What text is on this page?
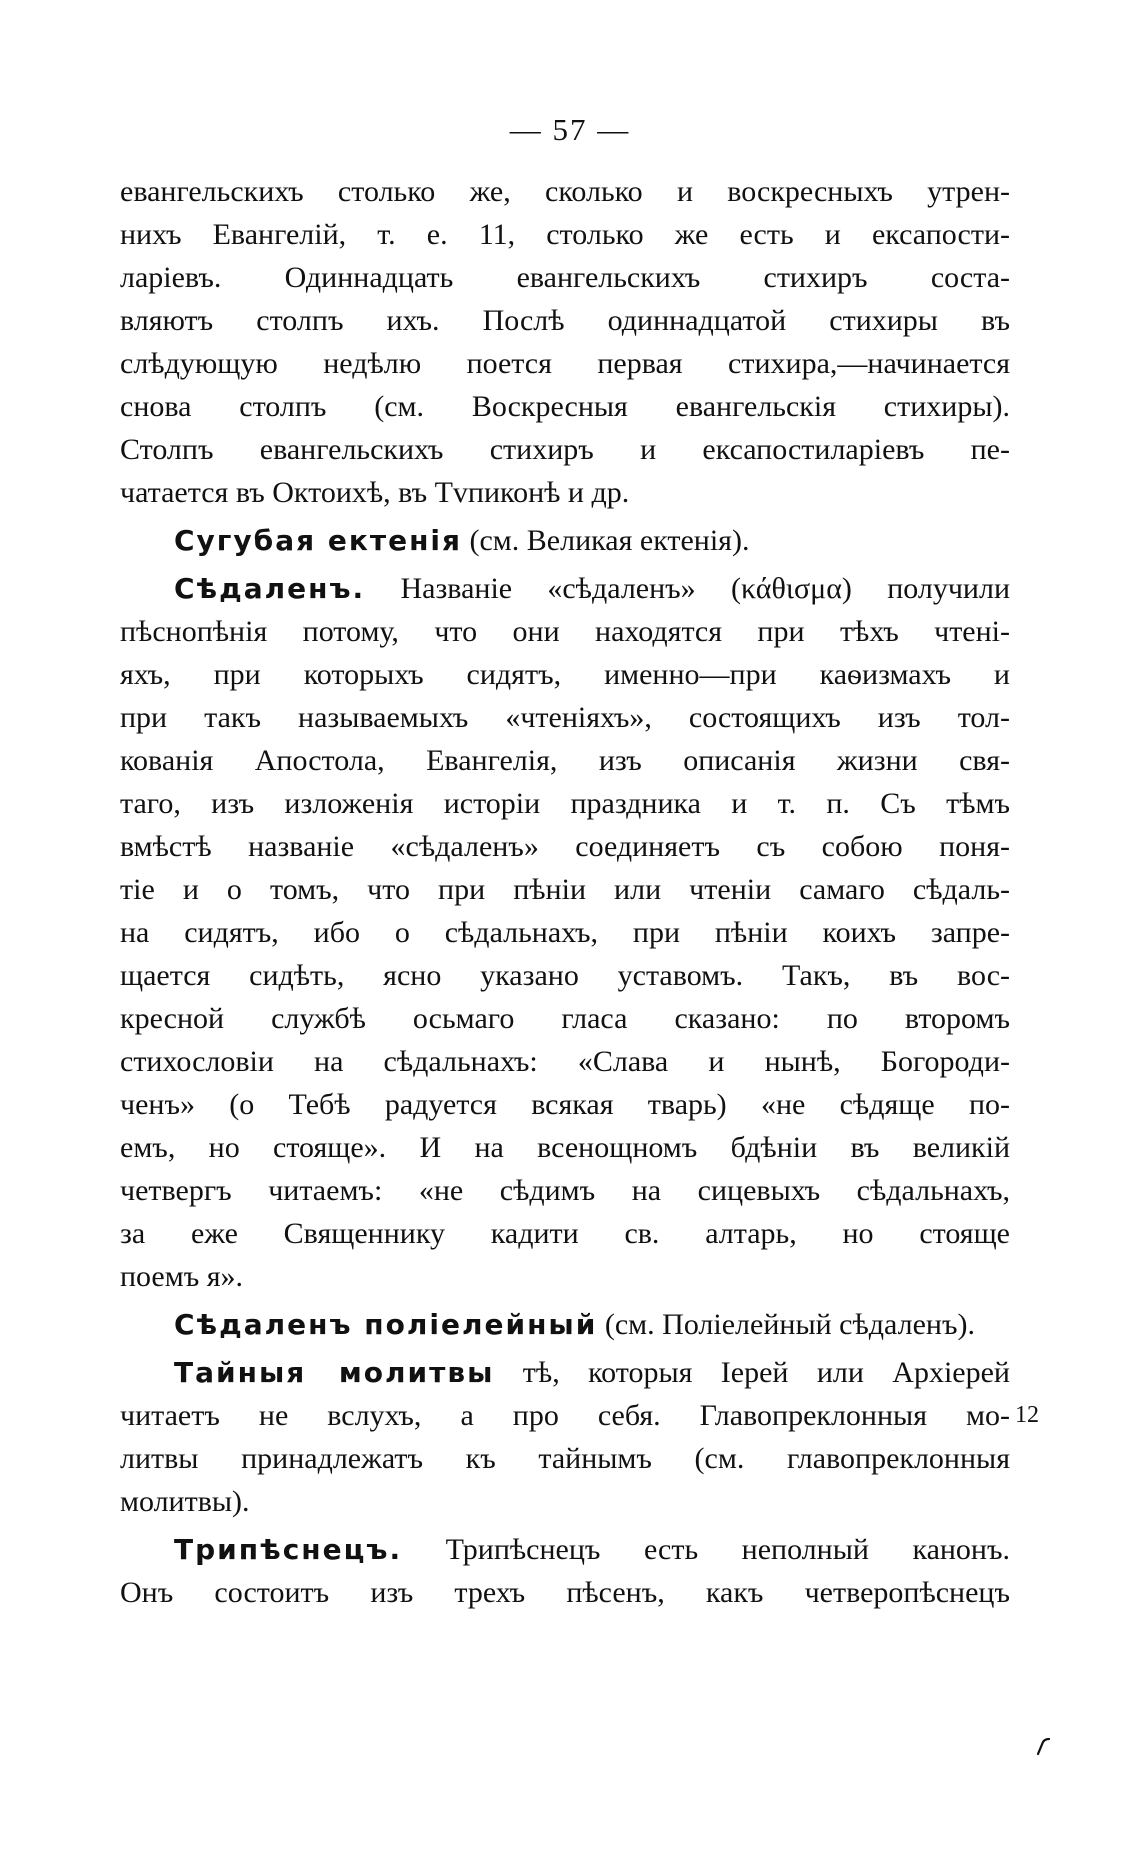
— 57 —
евангельскихъ столько же, сколько и воскресныхъ утрен-
нихъ Евангелій, т. е. 11, столько же есть и ексапости-
ларіевъ. Одиннадцать евангельскихъ стихиръ соста-
вляютъ столпъ ихъ. Послѣ одиннадцатой стихиры въ
слѣдующую недѣлю поется первая стихира,—начинается
снова столпъ (см. Воскресныя евангельскія стихиры).
Столпъ евангельскихъ стихиръ и ексапостиларіевъ пе-
чатается въ Октоихѣ, въ Тvпиконѣ и др.
Сугубая ектенія (см. Великая ектенія).
Сѣдаленъ. Названіе «сѣдаленъ» (κάθισμα) получили
пѣснопѣнія потому, что они находятся при тѣхъ чтені-
яхъ, при которыхъ сидятъ, именно—при каѳизмахъ и
при такъ называемыхъ «чтеніяхъ», состоящихъ изъ тол-
кованія Апостола, Евангелія, изъ описанія жизни свя-
таго, изъ изложенія исторіи праздника и т. п. Съ тѣмъ
вмѣстѣ названіе «сѣдаленъ» соединяетъ съ собою поня-
тіе и о томъ, что при пѣніи или чтеніи самаго сѣдаль-
на сидятъ, ибо о сѣдальнахъ, при пѣніи коихъ запре-
щается сидѣть, ясно указано уставомъ. Такъ, въ вос-
кресной службѣ осьмаго гласа сказано: по второмъ
стихословіи на сѣдальнахъ: «Слава и нынѣ, Богороди-
ченъ» (о Тебѣ радуется всякая тварь) «не сѣдяще по-
емъ, но стояще». И на всенощномъ бдѣніи въ великій
четвергъ читаемъ: «не сѣдимъ на сицевыхъ сѣдальнахъ,
за еже Священнику кадити св. алтарь, но стояще
поемъ я».
Сѣдаленъ поліелейный (см. Поліелейный сѣдаленъ).
Тайныя молитвы тѣ, которыя Іерей или Архіерей
читаетъ не вслухъ, а про себя. Главопреклонныя мо-
литвы принадлежатъ къ тайнымъ (см. главопреклонныя
молитвы).
Трипѣснецъ. Трипѣснецъ есть неполный канонъ.
Онъ состоитъ изъ трехъ пѣсенъ, какъ четверопѣснецъ
12
